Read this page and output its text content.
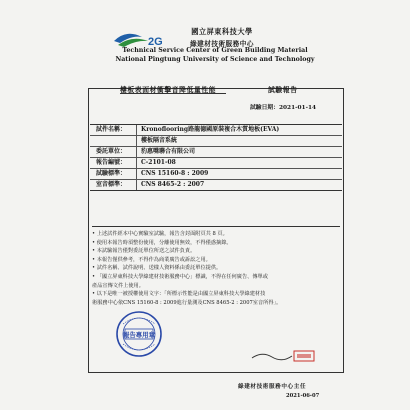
2G
國立屏東科技大學
綠建材技術服務中心
Technical Service Center of Green Building Material
National Pingtung University of Science and Technology
樓板表面材衝擊音降低量性能	試驗報告
試驗日期：2021-01-14
試件名稱：	Kronoflooring路龍德國原裝複合木質地板(EVA)
樓板隔音系統
委託單位：	豹惠嘴聯合有限公司
報告編號：	C-2101-08
試驗標準：	CNS 15160-8 : 2009
室音標準：	CNS 8465-2 : 2007
• 上述試件經本中心實驗室試驗，報告含封面附頁共 8 頁。
• 使用本報告時須整份使用，分離使用無效，不得僅惑摘錄。
• 本試驗報告僅對委託單位所送之試件負責。
• 本報告僅供參考，不得作為商業廣告或訴訟之用。
• 試件名稱、試件說明、送樣人資料係由委託單位提供。
• 「國立屏東科技大學綠建材技術服務中心」標識，不得在任何廣告、傳單或
產品宣傳文件上使用。
• 以下是唯一被授權使用文字：「所標示性能是由國立屏東科技大學綠建材技
術服務中心依CNS 15160-8 : 2009進行量測及CNS 8465-2 : 2007室音所得」。
報告專用章
綠建材技術服務中心主任
2021-06-07
